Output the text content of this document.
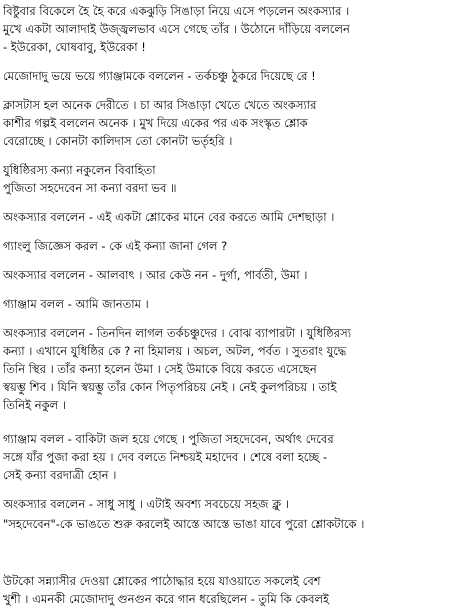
বিষ্টুবার বিকেলে হৈ হৈ করে একঝুড়ি সিঙাড়া নিয়ে এসে পড়লেন অংকস্যার ।
মুখে একটা আলাদাই উজ্জ্বলভাব এসে গেছে তাঁর । উঠোনে দাঁড়িয়ে বললেন
- ইউরেকা, ঘোষবাবু, ইউরেকা !
মেজোদাদু ভয়ে ভয়ে গ্যাঞ্জামকে বললেন - তর্কচঞ্চু ঠুকরে দিয়েছে রে !
ক্লাসটাস হল অনেক দেরীতে । চা আর সিঙাড়া খেতে খেতে অংকস্যার
কাশীর গল্পই বললেন অনেক । মুখ দিয়ে একের পর এক সংস্কৃত শ্লোক
বেরোচ্ছে । কোনটা কালিদাস তো কোনটা ভর্তৃহরি ।
যুধিষ্ঠিরস্য কন্যা নকুলেন বিবাহিতা
পুজিতা সহদেবেন সা কন্যা বরদা ভব ॥
অংকস্যার বললেন - এই একটা শ্লোকের মানে বের করতে আমি দেশছাড়া ।
গ্যাংলু জিজ্ঞেস করল - কে এই কন্যা জানা গেল ?
অংকস্যার বললেন - আলবাৎ । আর কেউ নন - দুর্গা, পার্বতী, উমা ।
গ্যাঞ্জাম বলল - আমি জানতাম ।
অংকস্যার বললেন - তিনদিন লাগল তর্কচঞ্চুদের । বোঝ ব্যাপারটা । যুধিষ্ঠিরস্য
কন্যা । এখানে যুধিষ্ঠির কে ? না হিমালয় । অচল, অটল, পর্বত । সুতরাং যুদ্ধে
তিনি স্থির । তাঁর কন্যা হলেন উমা । সেই উমাকে বিয়ে করতে এসেছেন
স্বয়ম্ভু শিব । যিনি স্বয়ম্ভু তাঁর কোন পিতৃপরিচয় নেই । নেই কুলপরিচয় । তাই
তিনিই নকুল ।
গ্যাঞ্জাম বলল - বাকিটা জল হয়ে গেছে । পুজিতা সহদেবেন, অর্থাৎ দেবের
সঙ্গে যাঁর পুজা করা হয় । দেব বলতে নিশ্চয়ই মহাদেব । শেষে বলা হচ্ছে -
সেই কন্যা বরদাত্রী হোন ।
অংকস্যার বললেন - সাধু সাধু । এটাই অবশ্য সবচেয়ে সহজ ক্লু ।
"সহদেবেন"-কে ভাঙতে শুরু করলেই আস্তে আস্তে ভাঙা যাবে পুরো শ্লোকটাকে ।
উটকো সন্ন্যাসীর দেওয়া শ্লোকের পাঠোদ্ধার হয়ে যাওয়াতে সকলেই বেশ
খুশী । এমনকী মেজোদাদু গুনগুন করে গান ধরেছিলেন - তুমি কি কেবলই
